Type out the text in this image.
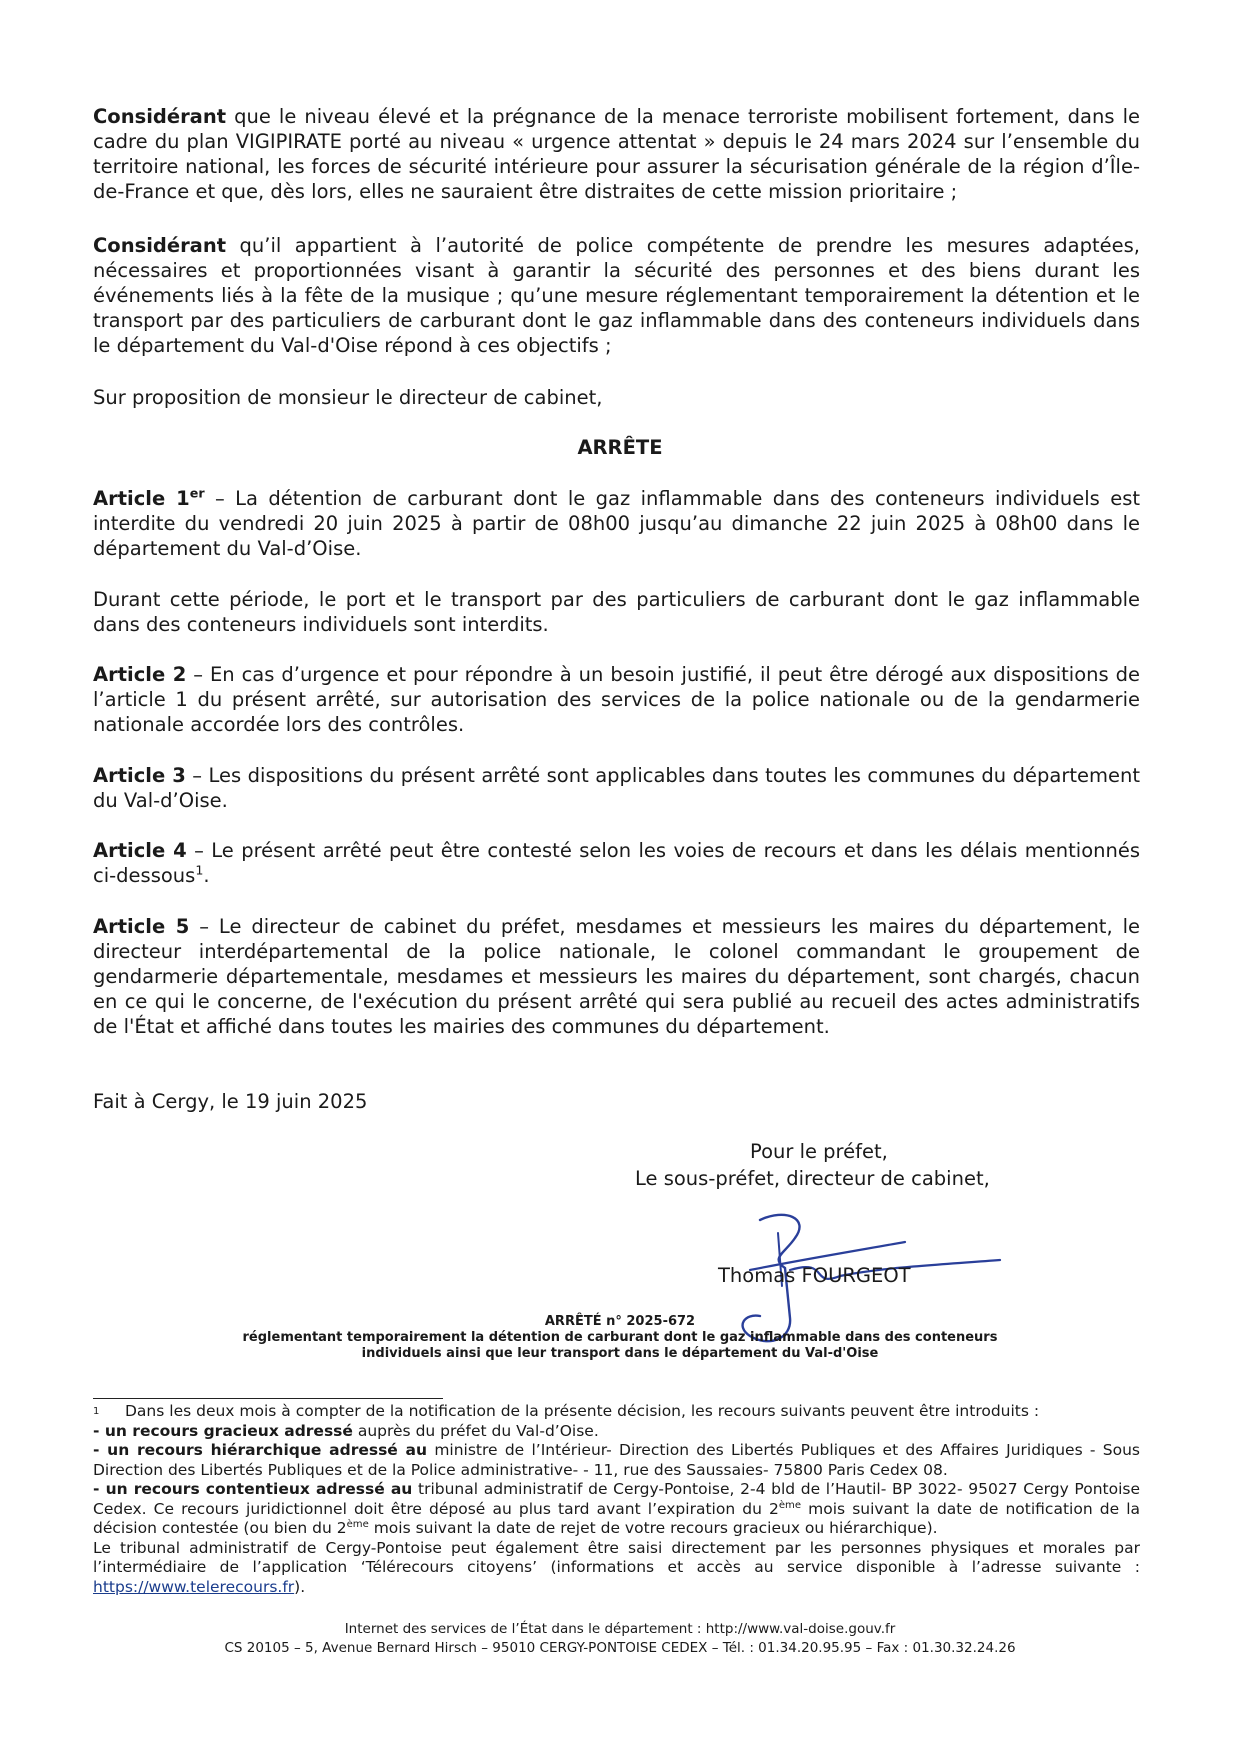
Considérant que le niveau élevé et la prégnance de la menace terroriste mobilisent fortement, dans le cadre du plan VIGIPIRATE porté au niveau « urgence attentat » depuis le 24 mars 2024 sur l’ensemble du territoire national, les forces de sécurité intérieure pour assurer la sécurisation générale de la région d’Île-de-France et que, dès lors, elles ne sauraient être distraites de cette mission prioritaire ;

Considérant qu’il appartient à l’autorité de police compétente de prendre les mesures adaptées, nécessaires et proportionnées visant à garantir la sécurité des personnes et des biens durant les événements liés à la fête de la musique ; qu’une mesure réglementant temporairement la détention et le transport par des particuliers de carburant dont le gaz inflammable dans des conteneurs individuels dans le département du Val-d'Oise répond à ces objectifs ;

Sur proposition de monsieur le directeur de cabinet,

ARRÊTE

Article 1er – La détention de carburant dont le gaz inflammable dans des conteneurs individuels est interdite du vendredi 20 juin 2025 à partir de 08h00 jusqu’au dimanche 22 juin 2025 à 08h00 dans le département du Val-d’Oise.

Durant cette période, le port et le transport par des particuliers de carburant dont le gaz inflammable dans des conteneurs individuels sont interdits.

Article 2 – En cas d’urgence et pour répondre à un besoin justifié, il peut être dérogé aux dispositions de l’article 1 du présent arrêté, sur autorisation des services de la police nationale ou de la gendarmerie nationale accordée lors des contrôles.

Article 3 – Les dispositions du présent arrêté sont applicables dans toutes les communes du département du Val-d’Oise.

Article 4 – Le présent arrêté peut être contesté selon les voies de recours et dans les délais mentionnés ci-dessous$^1$.

Article 5 – Le directeur de cabinet du préfet, mesdames et messieurs les maires du département, le directeur interdépartemental de la police nationale, le colonel commandant le groupement de gendarmerie départementale, mesdames et messieurs les maires du département, sont chargés, chacun en ce qui le concerne, de l'exécution du présent arrêté qui sera publié au recueil des actes administratifs de l'État et affiché dans toutes les mairies des communes du département.

Fait à Cergy, le 19 juin 2025
Pour le préfet,
Le sous-préfet, directeur de cabinet,
Thomas FOURGEOT
ARRÊTÉ n° 2025-672
réglementant temporairement la détention de carburant dont le gaz inflammable dans des conteneurs
individuels ainsi que leur transport dans le département du Val-d'Oise

1 Dans les deux mois à compter de la notification de la présente décision, les recours suivants peuvent être introduits :

- un recours gracieux adressé auprès du préfet du Val-d’Oise.

- un recours hiérarchique adressé au ministre de l’Intérieur- Direction des Libertés Publiques et des Affaires Juridiques - Sous Direction des Libertés Publiques et de la Police administrative- - 11, rue des Saussaies- 75800 Paris Cedex 08.

- un recours contentieux adressé au tribunal administratif de Cergy-Pontoise, 2-4 bld de l’Hautil- BP 3022- 95027 Cergy Pontoise Cedex. Ce recours juridictionnel doit être déposé au plus tard avant l’expiration du 2ème mois suivant la date de notification de la décision contestée (ou bien du 2ème mois suivant la date de rejet de votre recours gracieux ou hiérarchique).

Le tribunal administratif de Cergy-Pontoise peut également être saisi directement par les personnes physiques et morales par l’intermédiaire de l’application ‘Télérecours citoyens’ (informations et accès au service disponible à l’adresse suivante : https://www.telerecours.fr).

Internet des services de l’État dans le département : http://www.val-doise.gouv.fr
CS 20105 – 5, Avenue Bernard Hirsch – 95010 CERGY-PONTOISE CEDEX – Tél. : 01.34.20.95.95 – Fax : 01.30.32.24.26
